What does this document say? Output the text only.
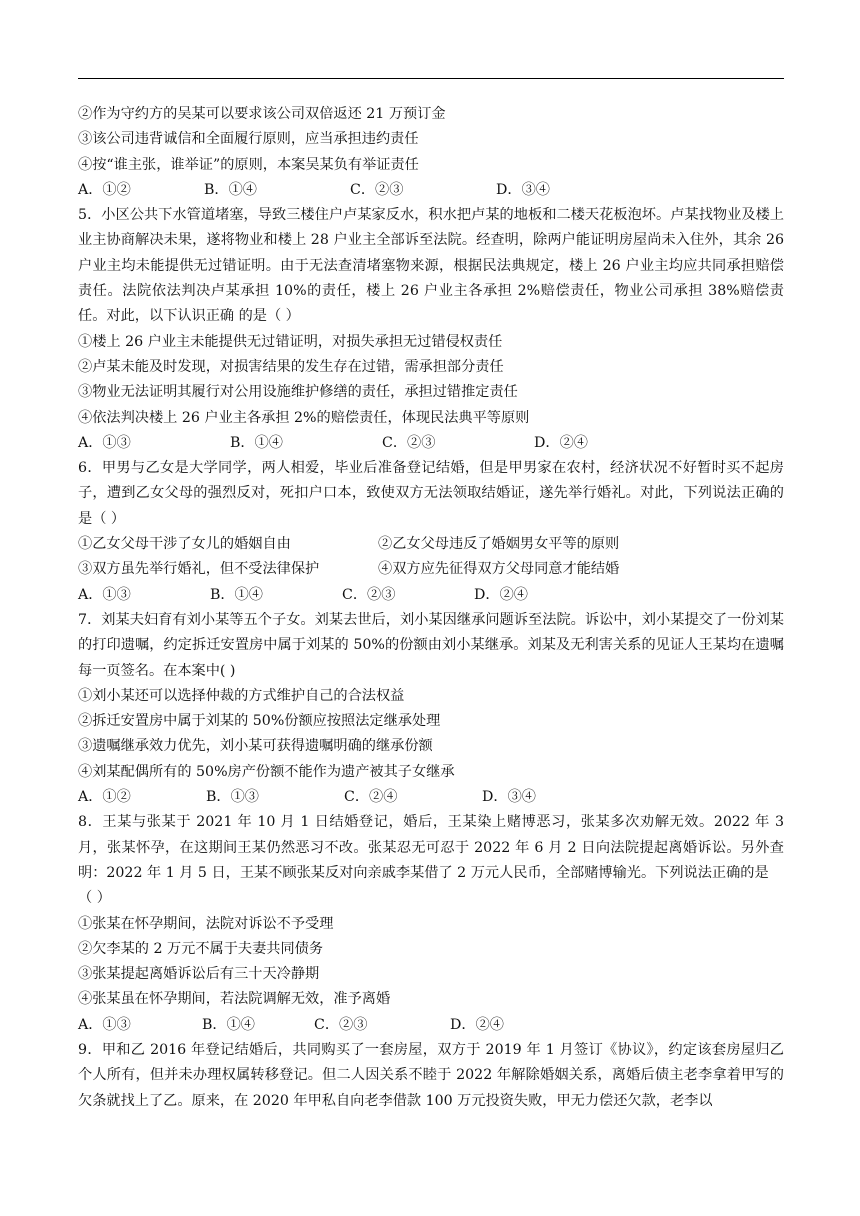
②作为守约方的吴某可以要求该公司双倍返还 21 万预订金
③该公司违背诚信和全面履行原则，应当承担违约责任
④按“谁主张，谁举证”的原则，本案吴某负有举证责任
A．①②	B．①④	C．②③	D．③④
5．小区公共下水管道堵塞，导致三楼住户卢某家反水，积水把卢某的地板和二楼天花板泡坏。卢某找物业及楼上业主协商解决未果，遂将物业和楼上 28 户业主全部诉至法院。经查明，除两户能证明房屋尚未入住外，其余 26 户业主均未能提供无过错证明。由于无法查清堵塞物来源，根据民法典规定，楼上 26 户业主均应共同承担赔偿责任。法院依法判决卢某承担 10%的责任，楼上 26 户业主各承担 2%赔偿责任，物业公司承担 38%赔偿责任。对此，以下认识正确 的是（ ）
①楼上 26 户业主未能提供无过错证明，对损失承担无过错侵权责任
②卢某未能及时发现，对损害结果的发生存在过错，需承担部分责任
③物业无法证明其履行对公用设施维护修缮的责任，承担过错推定责任
④依法判决楼上 26 户业主各承担 2%的赔偿责任，体现民法典平等原则
A．①③	B．①④	C．②③	D．②④
6．甲男与乙女是大学同学，两人相爱，毕业后准备登记结婚，但是甲男家在农村，经济状况不好暂时买不起房子，遭到乙女父母的强烈反对，死扣户口本，致使双方无法领取结婚证，遂先举行婚礼。对此，下列说法正确的是（ ）
①乙女父母干涉了女儿的婚姻自由	②乙女父母违反了婚姻男女平等的原则
③双方虽先举行婚礼，但不受法律保护	④双方应先征得双方父母同意才能结婚
A．①③	B．①④	C．②③	D．②④
7．刘某夫妇育有刘小某等五个子女。刘某去世后，刘小某因继承问题诉至法院。诉讼中，刘小某提交了一份刘某的打印遗嘱，约定拆迁安置房中属于刘某的 50%的份额由刘小某继承。刘某及无利害关系的见证人王某均在遗嘱每一页签名。在本案中( )
①刘小某还可以选择仲裁的方式维护自己的合法权益
②拆迁安置房中属于刘某的 50%份额应按照法定继承处理
③遗嘱继承效力优先，刘小某可获得遗嘱明确的继承份额
④刘某配偶所有的 50%房产份额不能作为遗产被其子女继承
A．①②	B．①③	C．②④	D．③④
8．王某与张某于 2021 年 10 月 1 日结婚登记，婚后，王某染上赌博恶习，张某多次劝解无效。2022 年 3 月，张某怀孕，在这期间王某仍然恶习不改。张某忍无可忍于 2022 年 6 月 2 日向法院提起离婚诉讼。另外查明：2022 年 1 月 5 日，王某不顾张某反对向亲戚李某借了 2 万元人民币，全部赌博输光。下列说法正确的是
（ ）
①张某在怀孕期间，法院对诉讼不予受理
②欠李某的 2 万元不属于夫妻共同债务
③张某提起离婚诉讼后有三十天冷静期
④张某虽在怀孕期间，若法院调解无效，准予离婚
A．①③	B．①④	C．②③	D．②④
9．甲和乙 2016 年登记结婚后，共同购买了一套房屋，双方于 2019 年 1 月签订《协议》，约定该套房屋归乙个人所有，但并未办理权属转移登记。但二人因关系不睦于 2022 年解除婚姻关系，离婚后债主老李拿着甲写的欠条就找上了乙。原来，在 2020 年甲私自向老李借款 100 万元投资失败，甲无力偿还欠款，老李以
